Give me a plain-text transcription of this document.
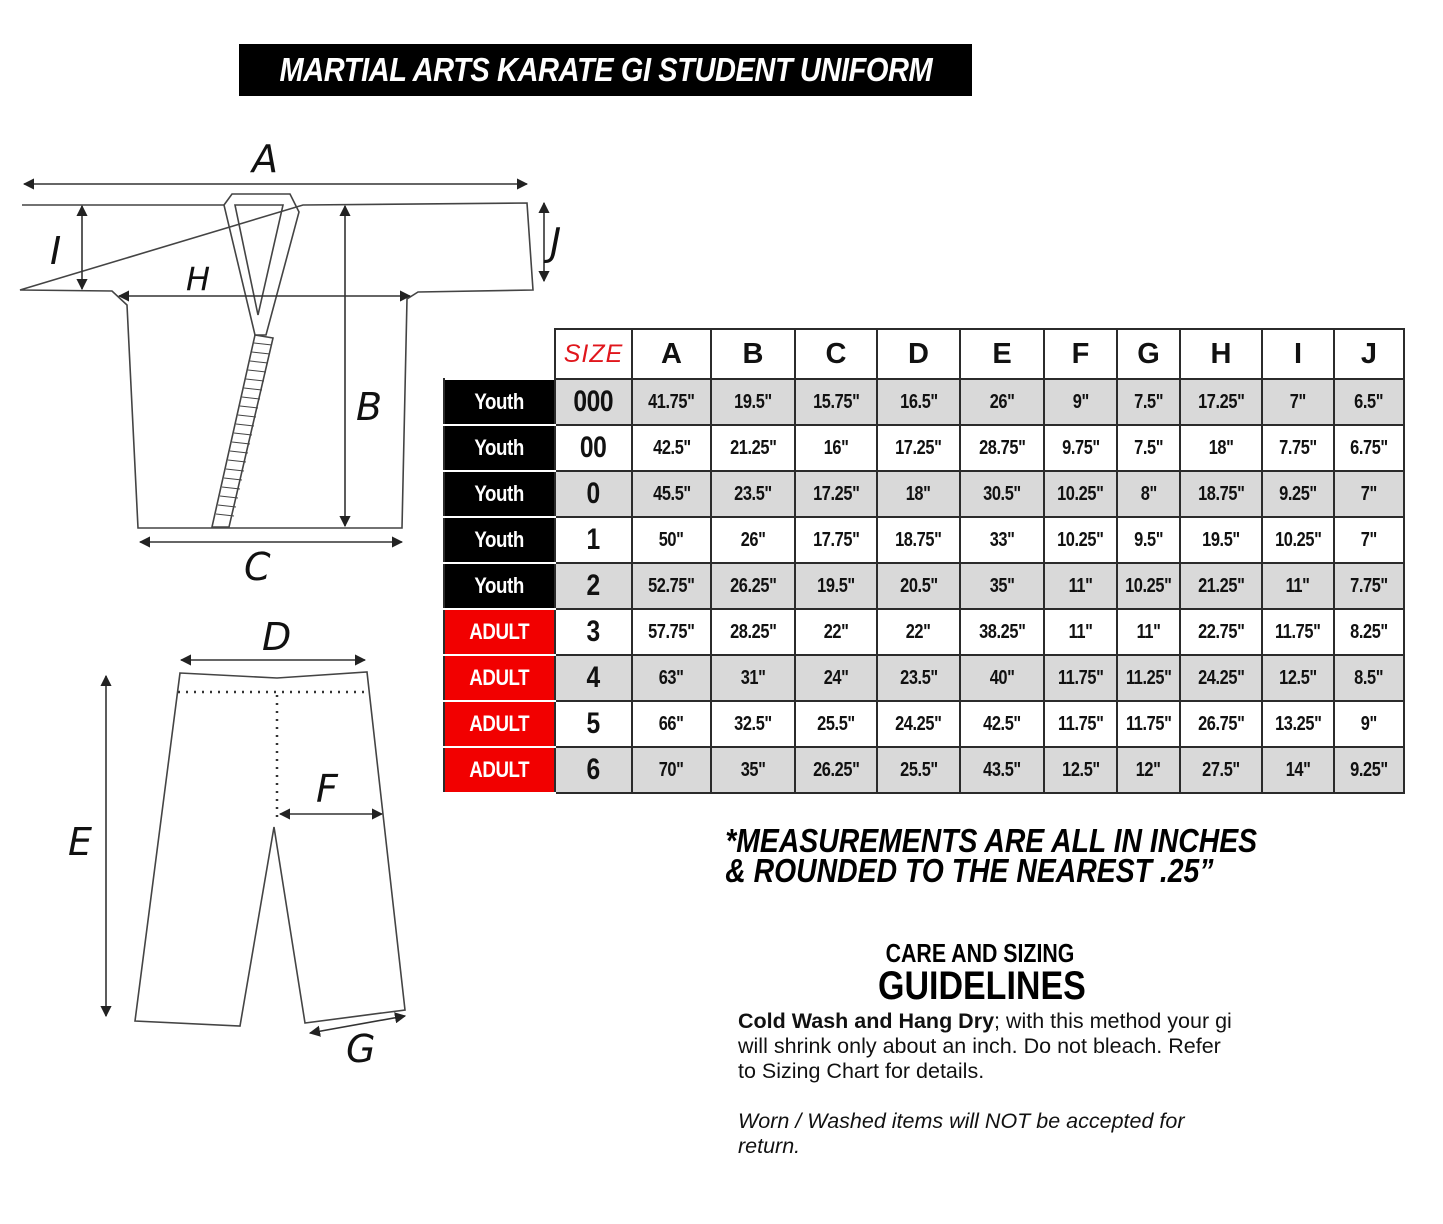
MARTIAL ARTS KARATE GI STUDENT UNIFORM
A
I	J
H
B
C
D
E
F
G
	SIZE	A	B	C	D	E	F	G	H	I	J
Youth	000	41.75"	19.5"	15.75"	16.5"	26"	9"	7.5"	17.25"	7"	6.5"
Youth	00	42.5"	21.25"	16"	17.25"	28.75"	9.75"	7.5"	18"	7.75"	6.75"
Youth	0	45.5"	23.5"	17.25"	18"	30.5"	10.25"	8"	18.75"	9.25"	7"
Youth	1	50"	26"	17.75"	18.75"	33"	10.25"	9.5"	19.5"	10.25"	7"
Youth	2	52.75"	26.25"	19.5"	20.5"	35"	11"	10.25"	21.25"	11"	7.75"
ADULT	3	57.75"	28.25"	22"	22"	38.25"	11"	11"	22.75"	11.75"	8.25"
ADULT	4	63"	31"	24"	23.5"	40"	11.75"	11.25"	24.25"	12.5"	8.5"
ADULT	5	66"	32.5"	25.5"	24.25"	42.5"	11.75"	11.75"	26.75"	13.25"	9"
ADULT	6	70"	35"	26.25"	25.5"	43.5"	12.5"	12"	27.5"	14"	9.25"
*MEASUREMENTS ARE ALL IN INCHES
& ROUNDED TO THE NEAREST .25”
CARE AND SIZING
GUIDELINES
Cold Wash and Hang Dry; with this method your gi will shrink only about an inch. Do not bleach. Refer to Sizing Chart for details.
Worn / Washed items will NOT be accepted for return.
